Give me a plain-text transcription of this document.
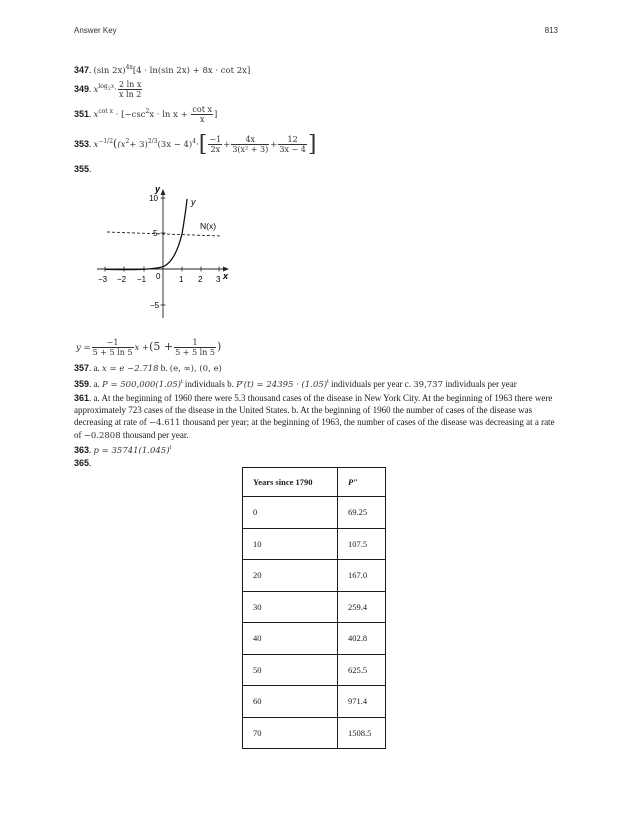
Answer Key	813
347. (sin 2x)$^{4x}$[4 · ln(sin 2x) + 8x · cot 2x]
349. $x^{log_2x}\cdot \frac{\text{2 ln x}}{\text{x ln 2}}$
351. $x^{cot x} \cdot [-\csc^2x \cdot \ln x + \frac{\text{cot x}}{x}$ ]
353. $x^{-1/2}((x^2+ 3)^{2/3}(3x - 4)^4\cdot[ \frac{-1}{2x} + \frac{4x}{\text{3(x² + 3)}} + \frac{12}{3x - 4}$ ]
355.
x
y
y
N(x)
−3 −2 −1 0 1 2 3
10
5
−5
$y = \frac{-1}{5 + 5 \ln 5}$ $x +(5 + \frac{1}{5 + 5 \ln 5}$ )
357. a. x = e ~2.718 b. (e, ∞), (0, e)
359. a. $P = 500,000(1.05)^t$ individuals b. $P'(t) = 24395 \cdot (1.05)^t$ individuals per year c. 39,737 individuals per year

361. a. At the beginning of 1960 there were 5.3 thousand cases of the disease in New York City. At the beginning of 1963 there were approximately 723 cases of the disease in the United States. b. At the beginning of 1960 the number of cases of the disease was decreasing at rate of −4.611 thousand per year; at the beginning of 1963, the number of cases of the disease was decreasing at a rate of −0.2808 thousand per year.

363. $p = 35741(1.045)^t$
365.
Years since 1790	P″
0	69.25
10	107.5
20	167.0
30	259.4
40	402.8
50	625.5
60	971.4
70	1508.5
